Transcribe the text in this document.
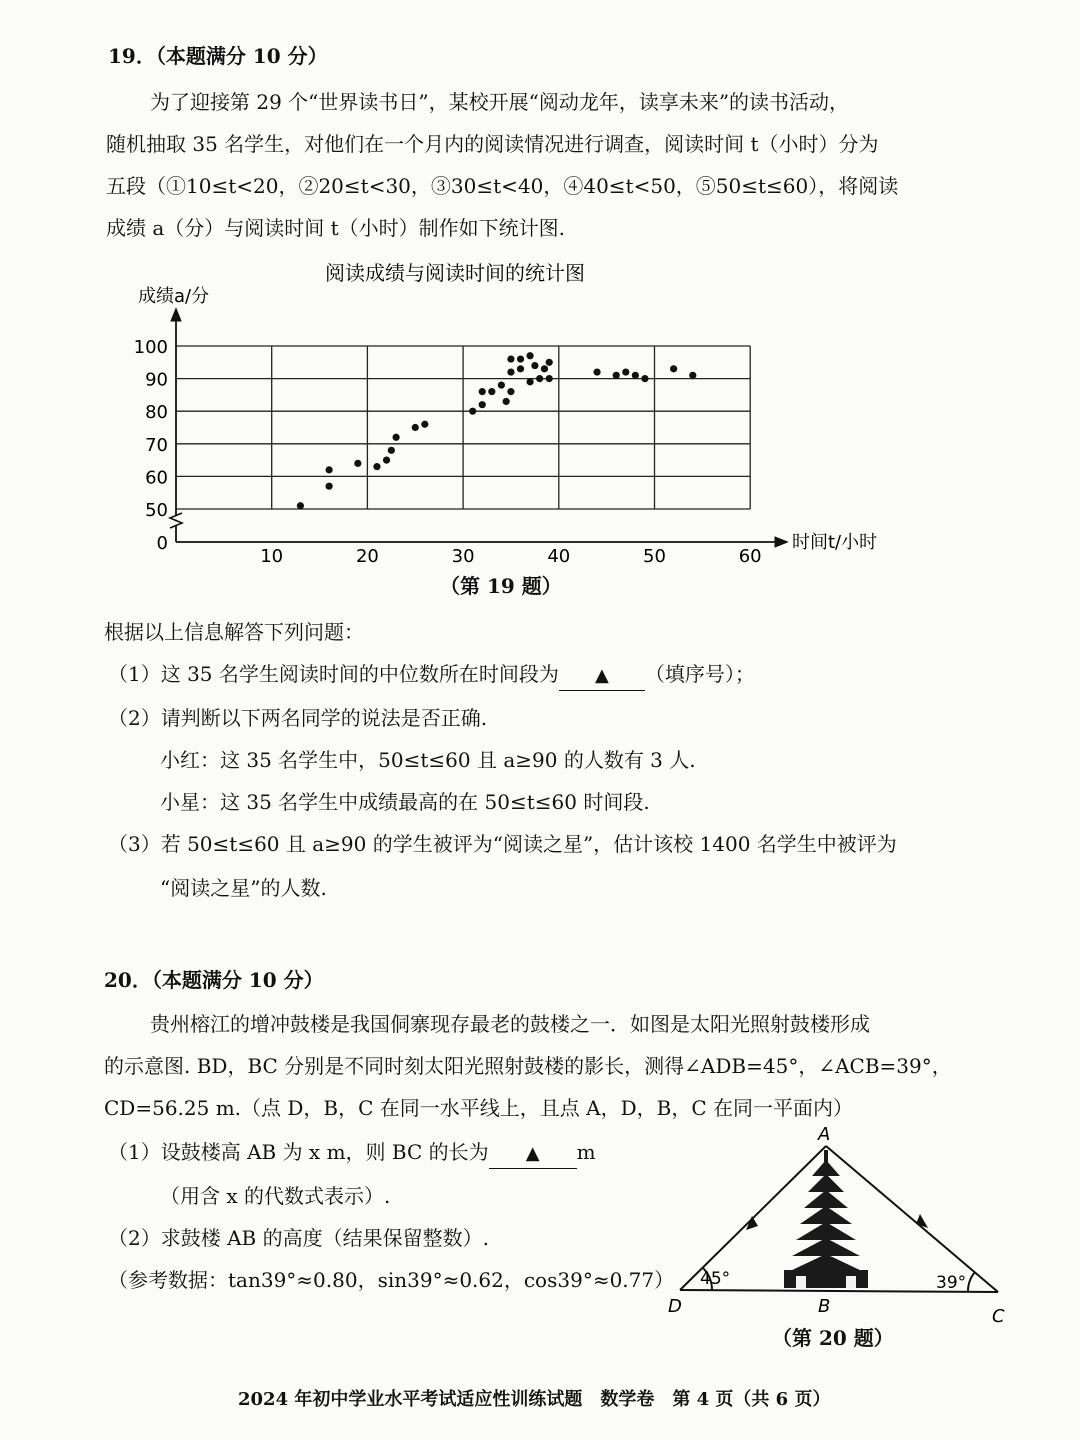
19．（本题满分 10 分）
为了迎接第 29 个“世界读书日”，某校开展“阅动龙年，读享未来”的读书活动，
随机抽取 35 名学生，对他们在一个月内的阅读情况进行调查，阅读时间 t（小时）分为
五段（①10≤t<20，②20≤t<30，③30≤t<40，④40≤t<50，⑤50≤t≤60），将阅读
成绩 a（分）与阅读时间 t（小时）制作如下统计图.
阅读成绩与阅读时间的统计图
成绩a/分
时间t/小时
0
50
60
70
80
90
100
10	20	30	40	50	60
（第 19 题）
根据以上信息解答下列问题：
（1）这 35 名学生阅读时间的中位数所在时间段为 ▲ （填序号）；
（2）请判断以下两名同学的说法是否正确.
小红：这 35 名学生中，50≤t≤60 且 a≥90 的人数有 3 人.
小星：这 35 名学生中成绩最高的在 50≤t≤60 时间段.
（3）若 50≤t≤60 且 a≥90 的学生被评为“阅读之星”，估计该校 1400 名学生中被评为
“阅读之星”的人数.
20．（本题满分 10 分）
贵州榕江的增冲鼓楼是我国侗寨现存最老的鼓楼之一．如图是太阳光照射鼓楼形成
的示意图. BD，BC 分别是不同时刻太阳光照射鼓楼的影长，测得∠ADB=45°，∠ACB=39°，
CD=56.25 m.（点 D，B，C 在同一水平线上，且点 A，D，B，C 在同一平面内）
（1）设鼓楼高 AB 为 x m，则 BC 的长为 ▲ m
（用含 x 的代数式表示）.
（2）求鼓楼 AB 的高度（结果保留整数）.
（参考数据：tan39°≈0.80，sin39°≈0.62，cos39°≈0.77）
A
D	B	C
45°	39°
（第 20 题）
2024 年初中学业水平考试适应性训练试题　数学卷　第 4 页（共 6 页）
